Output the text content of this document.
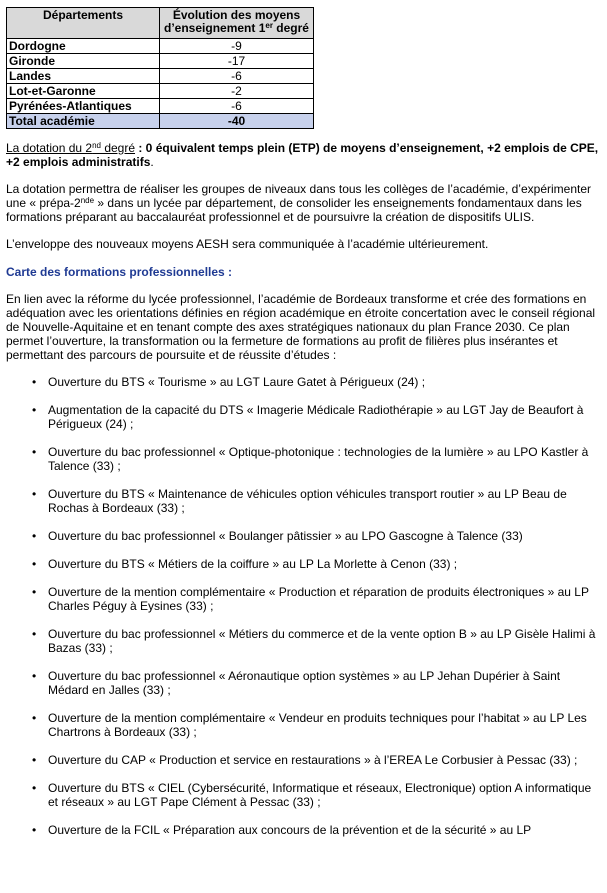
Départements	Évolution des moyens
d’enseignement 1er degré
Dordogne	-9
Gironde	-17
Landes	-6
Lot-et-Garonne	-2
Pyrénées-Atlantiques	-6
Total académie	-40

La dotation du 2nd degré : 0 équivalent temps plein (ETP) de moyens d’enseignement, +2 emplois de CPE, +2 emplois administratifs.

La dotation permettra de réaliser les groupes de niveaux dans tous les collèges de l’académie, d’expérimenter une « prépa-2nde » dans un lycée par département, de consolider les enseignements fondamentaux dans les formations préparant au baccalauréat professionnel et de poursuivre la création de dispositifs ULIS.

L’enveloppe des nouveaux moyens AESH sera communiquée à l’académie ultérieurement.

Carte des formations professionnelles :

En lien avec la réforme du lycée professionnel, l’académie de Bordeaux transforme et crée des formations en adéquation avec les orientations définies en région académique en étroite concertation avec le conseil régional de Nouvelle-Aquitaine et en tenant compte des axes stratégiques nationaux du plan France 2030. Ce plan permet l’ouverture, la transformation ou la fermeture de formations au profit de filières plus insérantes et permettant des parcours de poursuite et de réussite d’études :

• Ouverture du BTS « Tourisme » au LGT Laure Gatet à Périgueux (24) ;
• Augmentation de la capacité du DTS « Imagerie Médicale Radiothérapie » au LGT Jay de Beaufort à Périgueux (24) ;
• Ouverture du bac professionnel « Optique-photonique : technologies de la lumière » au LPO Kastler à Talence (33) ;
• Ouverture du BTS « Maintenance de véhicules option véhicules transport routier » au LP Beau de Rochas à Bordeaux (33) ;
• Ouverture du bac professionnel « Boulanger pâtissier » au LPO Gascogne à Talence (33)
• Ouverture du BTS « Métiers de la coiffure » au LP La Morlette à Cenon (33) ;
• Ouverture de la mention complémentaire « Production et réparation de produits électroniques » au LP Charles Péguy à Eysines (33) ;
• Ouverture du bac professionnel « Métiers du commerce et de la vente option B » au LP Gisèle Halimi à Bazas (33) ;
• Ouverture du bac professionnel « Aéronautique option systèmes » au LP Jehan Dupérier à Saint Médard en Jalles (33) ;
• Ouverture de la mention complémentaire « Vendeur en produits techniques pour l’habitat » au LP Les Chartrons à Bordeaux (33) ;
• Ouverture du CAP « Production et service en restaurations » à l’EREA Le Corbusier à Pessac (33) ;
• Ouverture du BTS « CIEL (Cybersécurité, Informatique et réseaux, Electronique) option A informatique et réseaux » au LGT Pape Clément à Pessac (33) ;
• Ouverture de la FCIL « Préparation aux concours de la prévention et de la sécurité » au LP
